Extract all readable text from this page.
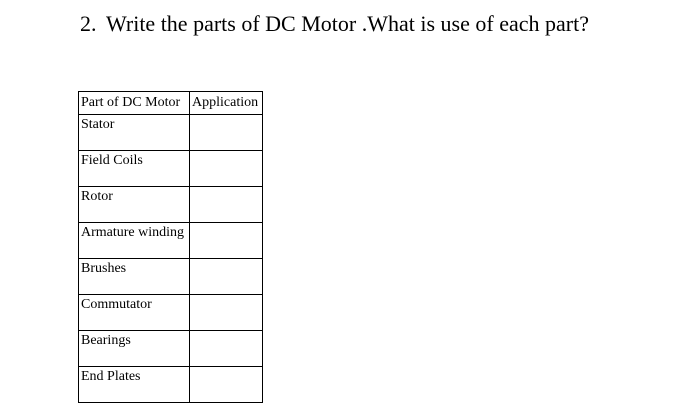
2. Write the parts of DC Motor .What is use of each part?
Part of DC Motor	Application
Stator	
Field Coils	
Rotor	
Armature winding	
Brushes	
Commutator	
Bearings	
End Plates	
